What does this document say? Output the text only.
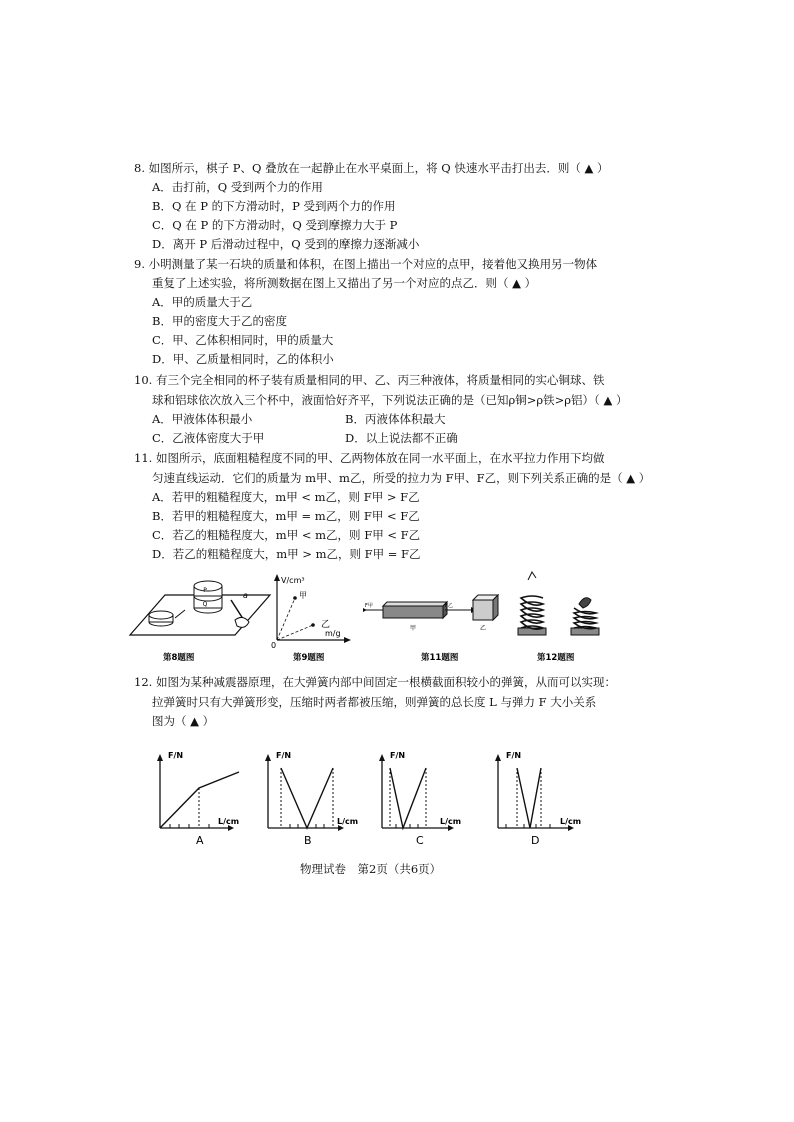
8. 如图所示，棋子 P、Q 叠放在一起静止在水平桌面上，将 Q 快速水平击打出去．则（ ▲ ）
A．击打前，Q 受到两个力的作用
B．Q 在 P 的下方滑动时，P 受到两个力的作用
C．Q 在 P 的下方滑动时，Q 受到摩擦力大于 P
D．离开 P 后滑动过程中，Q 受到的摩擦力逐渐减小
9. 小明测量了某一石块的质量和体积，在图上描出一个对应的点甲，接着他又换用另一物体
重复了上述实验，将所测数据在图上又描出了另一个对应的点乙．则（ ▲ ）
A．甲的质量大于乙
B．甲的密度大于乙的密度
C．甲、乙体积相同时，甲的质量大
D．甲、乙质量相同时，乙的体积小
10. 有三个完全相同的杯子装有质量相同的甲、乙、丙三种液体，将质量相同的实心铜球、铁
球和铝球依次放入三个杯中，液面恰好齐平，下列说法正确的是（已知ρ铜>ρ铁>ρ铝）（ ▲ ）
A．甲液体体积最小	B．丙液体体积最大
C．乙液体密度大于甲	D．以上说法都不正确
11. 如图所示，底面粗糙程度不同的甲、乙两物体放在同一水平面上，在水平拉力作用下均做
匀速直线运动．它们的质量为 m甲、m乙，所受的拉力为 F甲、F乙，则下列关系正确的是（ ▲ ）
A．若甲的粗糙程度大，m甲 < m乙，则 F甲 > F乙
B．若甲的粗糙程度大，m甲 = m乙，则 F甲 < F乙
C．若乙的粗糙程度大，m甲 < m乙，则 F甲 < F乙
D．若乙的粗糙程度大，m甲 > m乙，则 F甲 = F乙
a
P
Q
V/cm³
m/g
甲
乙
0
甲	乙
F乙
F甲
第8题图	第9题图	第11题图	第12题图
12. 如图为某种减震器原理，在大弹簧内部中间固定一根横截面积较小的弹簧，从而可以实现：
拉弹簧时只有大弹簧形变，压缩时两者都被压缩，则弹簧的总长度 L 与弹力 F 大小关系
图为（ ▲ ）
F/N
L/cm
A
F/N
L/cm
B
F/N
L/cm
C
F/N
L/cm
D
物理试卷　第2页（共6页）
